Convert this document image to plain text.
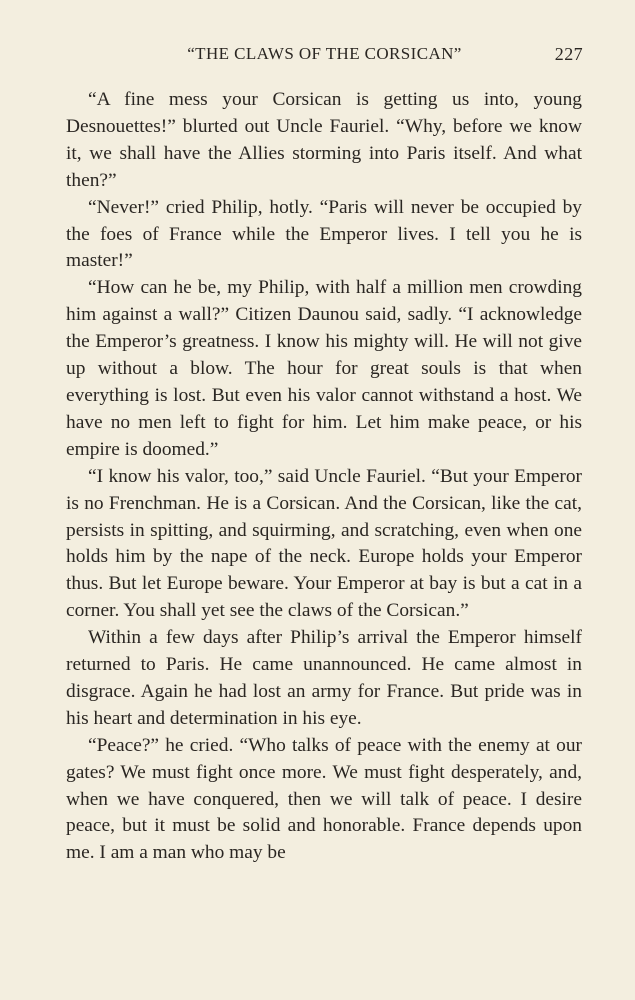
“THE CLAWS OF THE CORSICAN”	227

“A fine mess your Corsican is getting us into, young Desnouettes!” blurted out Uncle Fauriel. “Why, before we know it, we shall have the Allies storming into Paris itself. And what then?”

“Never!” cried Philip, hotly. “Paris will never be occupied by the foes of France while the Emperor lives. I tell you he is master!”

“How can he be, my Philip, with half a million men crowding him against a wall?” Citizen Daunou said, sadly. “I acknowledge the Emperor’s greatness. I know his mighty will. He will not give up without a blow. The hour for great souls is that when everything is lost. But even his valor cannot withstand a host. We have no men left to fight for him. Let him make peace, or his empire is doomed.”

“I know his valor, too,” said Uncle Fauriel. “But your Emperor is no Frenchman. He is a Corsican. And the Corsican, like the cat, persists in spitting, and squirming, and scratching, even when one holds him by the nape of the neck. Europe holds your Emperor thus. But let Europe beware. Your Emperor at bay is but a cat in a corner. You shall yet see the claws of the Corsican.”

Within a few days after Philip’s arrival the Emperor himself returned to Paris. He came unannounced. He came almost in disgrace. Again he had lost an army for France. But pride was in his heart and determination in his eye.

“Peace?” he cried. “Who talks of peace with the enemy at our gates? We must fight once more. We must fight desperately, and, when we have conquered, then we will talk of peace. I desire peace, but it must be solid and honorable. France depends upon me. I am a man who may be
